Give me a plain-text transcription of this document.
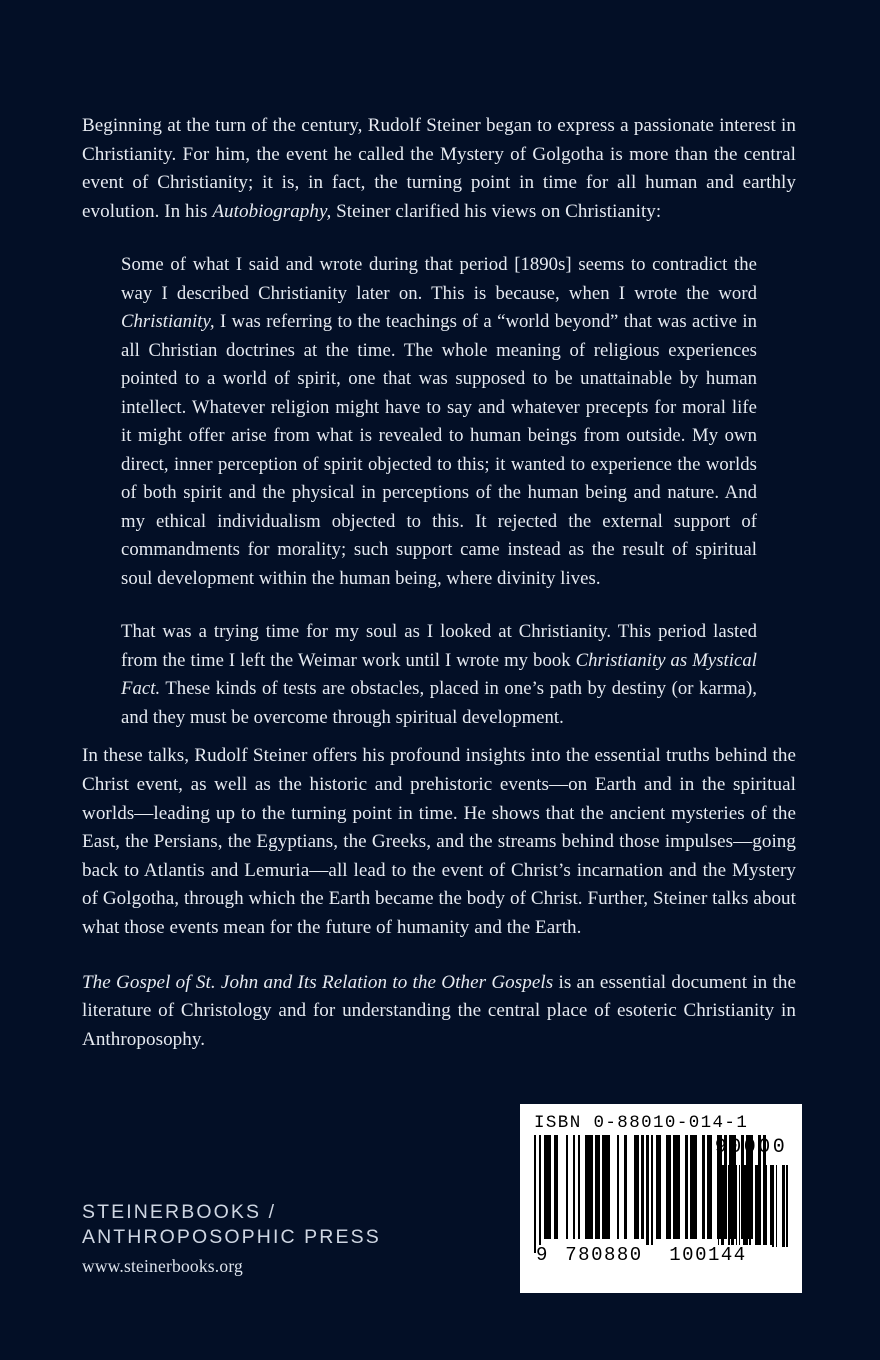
Beginning at the turn of the century, Rudolf Steiner began to express a passionate interest in Christianity. For him, the event he called the Mystery of Golgotha is more than the central event of Christianity; it is, in fact, the turning point in time for all human and earthly evolution. In his Autobiography, Steiner clarified his views on Christianity:

Some of what I said and wrote during that period [1890s] seems to contradict the way I described Christianity later on. This is because, when I wrote the word Christianity, I was referring to the teachings of a “world beyond” that was active in all Christian doctrines at the time. The whole meaning of religious experiences pointed to a world of spirit, one that was supposed to be unattainable by human intellect. Whatever religion might have to say and whatever precepts for moral life it might offer arise from what is revealed to human beings from outside. My own direct, inner perception of spirit objected to this; it wanted to experience the worlds of both spirit and the physical in perceptions of the human being and nature. And my ethical individualism objected to this. It rejected the external support of commandments for morality; such support came instead as the result of spiritual soul development within the human being, where divinity lives.

That was a trying time for my soul as I looked at Christianity. This period lasted from the time I left the Weimar work until I wrote my book Christianity as Mystical Fact. These kinds of tests are obstacles, placed in one’s path by destiny (or karma), and they must be overcome through spiritual development.

In these talks, Rudolf Steiner offers his profound insights into the essential truths behind the Christ event, as well as the historic and prehistoric events—on Earth and in the spiritual worlds—leading up to the turning point in time. He shows that the ancient mysteries of the East, the Persians, the Egyptians, the Greeks, and the streams behind those impulses—going back to Atlantis and Lemuria—all lead to the event of Christ’s incarnation and the Mystery of Golgotha, through which the Earth became the body of Christ. Further, Steiner talks about what those events mean for the future of humanity and the Earth.

The Gospel of St. John and Its Relation to the Other Gospels is an essential document in the literature of Christology and for understanding the central place of esoteric Christianity in Anthroposophy.

STEINERBOOKS /
ANTHROPOSOPHIC PRESS
www.steinerbooks.org
ISBN 0-88010-014-1
90000
9 780880	100144
